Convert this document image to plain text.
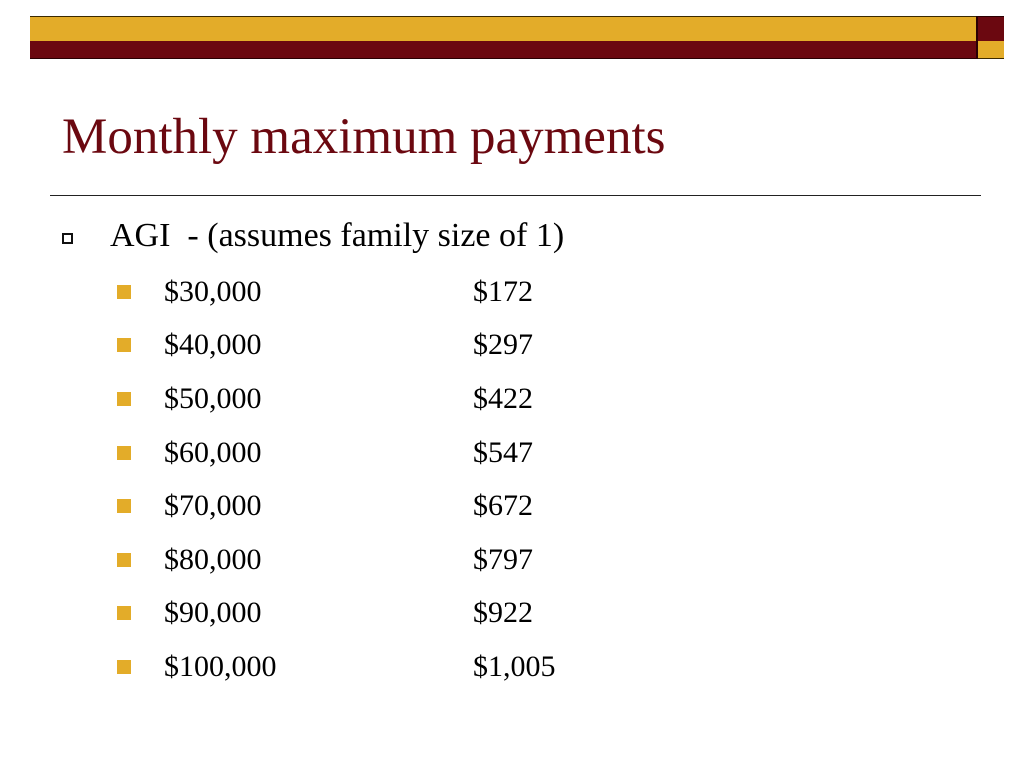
Monthly maximum payments
AGI  - (assumes family size of 1)
$30,000	$172
$40,000	$297
$50,000	$422
$60,000	$547
$70,000	$672
$80,000	$797
$90,000	$922
$100,000	$1,005
